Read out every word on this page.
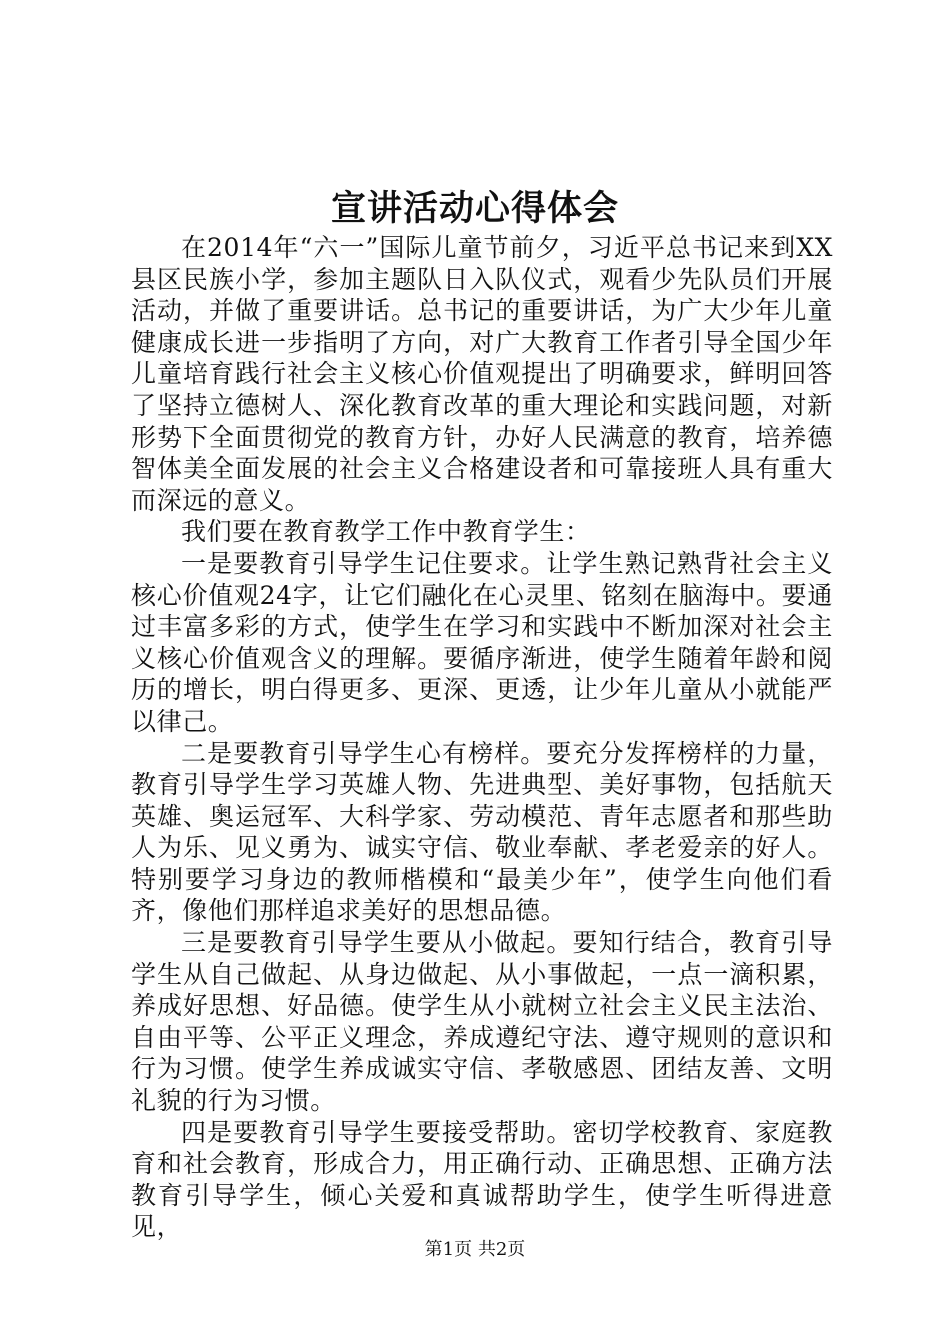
宣讲活动心得体会

在2014年“六一”国际儿童节前夕，习近平总书记来到XX县区民族小学，参加主题队日入队仪式，观看少先队员们开展活动，并做了重要讲话。总书记的重要讲话，为广大少年儿童健康成长进一步指明了方向，对广大教育工作者引导全国少年儿童培育践行社会主义核心价值观提出了明确要求，鲜明回答了坚持立德树人、深化教育改革的重大理论和实践问题，对新形势下全面贯彻党的教育方针，办好人民满意的教育，培养德智体美全面发展的社会主义合格建设者和可靠接班人具有重大而深远的意义。

我们要在教育教学工作中教育学生：

一是要教育引导学生记住要求。让学生熟记熟背社会主义核心价值观24字，让它们融化在心灵里、铭刻在脑海中。要通过丰富多彩的方式，使学生在学习和实践中不断加深对社会主义核心价值观含义的理解。要循序渐进，使学生随着年龄和阅历的增长，明白得更多、更深、更透，让少年儿童从小就能严以律己。

二是要教育引导学生心有榜样。要充分发挥榜样的力量，教育引导学生学习英雄人物、先进典型、美好事物，包括航天英雄、奥运冠军、大科学家、劳动模范、青年志愿者和那些助人为乐、见义勇为、诚实守信、敬业奉献、孝老爱亲的好人。特别要学习身边的教师楷模和“最美少年”，使学生向他们看齐，像他们那样追求美好的思想品德。

三是要教育引导学生要从小做起。要知行结合，教育引导学生从自己做起、从身边做起、从小事做起，一点一滴积累，养成好思想、好品德。使学生从小就树立社会主义民主法治、自由平等、公平正义理念，养成遵纪守法、遵守规则的意识和行为习惯。使学生养成诚实守信、孝敬感恩、团结友善、文明礼貌的行为习惯。

四是要教育引导学生要接受帮助。密切学校教育、家庭教育和社会教育，形成合力，用正确行动、正确思想、正确方法教育引导学生，倾心关爱和真诚帮助学生，使学生听得进意见，

第1页 共2页
